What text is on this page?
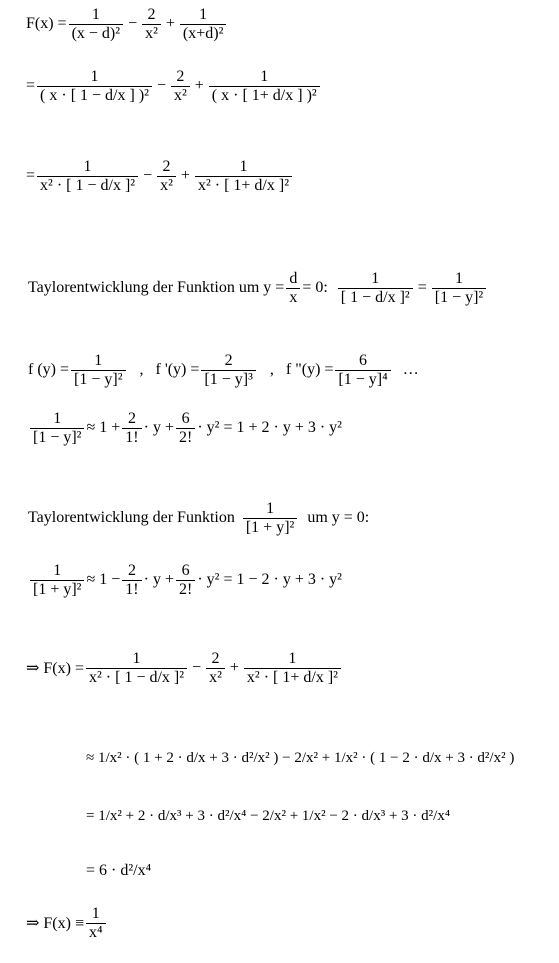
$F(x) = \frac{1}{\text{(x − d)²}} - \frac{2}{\text{x²}} + \frac{1}{\text{(x+d)²}}$
= $\frac{1}{\text{( x · [ 1 − d/x ] )²}} - \frac{2}{\text{x²}} + \frac{1}{\text{( x · [ 1+ d/x ] )²}}$
= $\frac{1}{\text{x² · [ 1 − d/x ]²}} - \frac{2}{\text{x²}} + \frac{1}{\text{x² · [ 1+ d/x ]²}}$
Taylorentwicklung der Funktion um $y = \frac{d}{x} = 0$: $\frac{1}{\text{[ 1 − d/x ]²}} = \frac{1}{\text{[1 − y]²}}$
f $(y) = \frac{1}{\text{[1 − y]²}}$ , f '$(y) = \frac{2}{\text{[1 − y]³}}$ , f "$(y) = \frac{6}{\text{[1 − y]⁴}}$ …
$\frac{1}{\text{[1 − y]²}} \approx 1 + \frac{2}{1!} \cdot y + \frac{6}{2!} \cdot y^2 = 1 + 2 \cdot y + 3 \cdot y^2$
Taylorentwicklung der Funktion $\frac{1}{\text{[1 + y]²}}$ um y = 0:
$\frac{1}{\text{[1 + y]²}} \approx 1 - \frac{2}{1!} \cdot y + \frac{6}{2!} \cdot y^2 = 1 - 2 \cdot y + 3 \cdot y^2$
⇒ $F(x) = \frac{1}{\text{x² · [ 1 − d/x ]²}} - \frac{2}{\text{x²}} + \frac{1}{\text{x² · [ 1+ d/x ]²}}$
≈ 1/x² · ( 1 + 2 · d/x + 3 · d²/x² ) − 2/x² + 1/x² · ( 1 − 2 · d/x + 3 · d²/x² )
= 1/x² + 2 · d/x³ + 3 · d²/x⁴ − 2/x² + 1/x² − 2 · d/x³ + 3 · d²/x⁴
= 6 · d²/x⁴
⇒ $F(x) \equiv \frac{1}{\text{x⁴}}$
